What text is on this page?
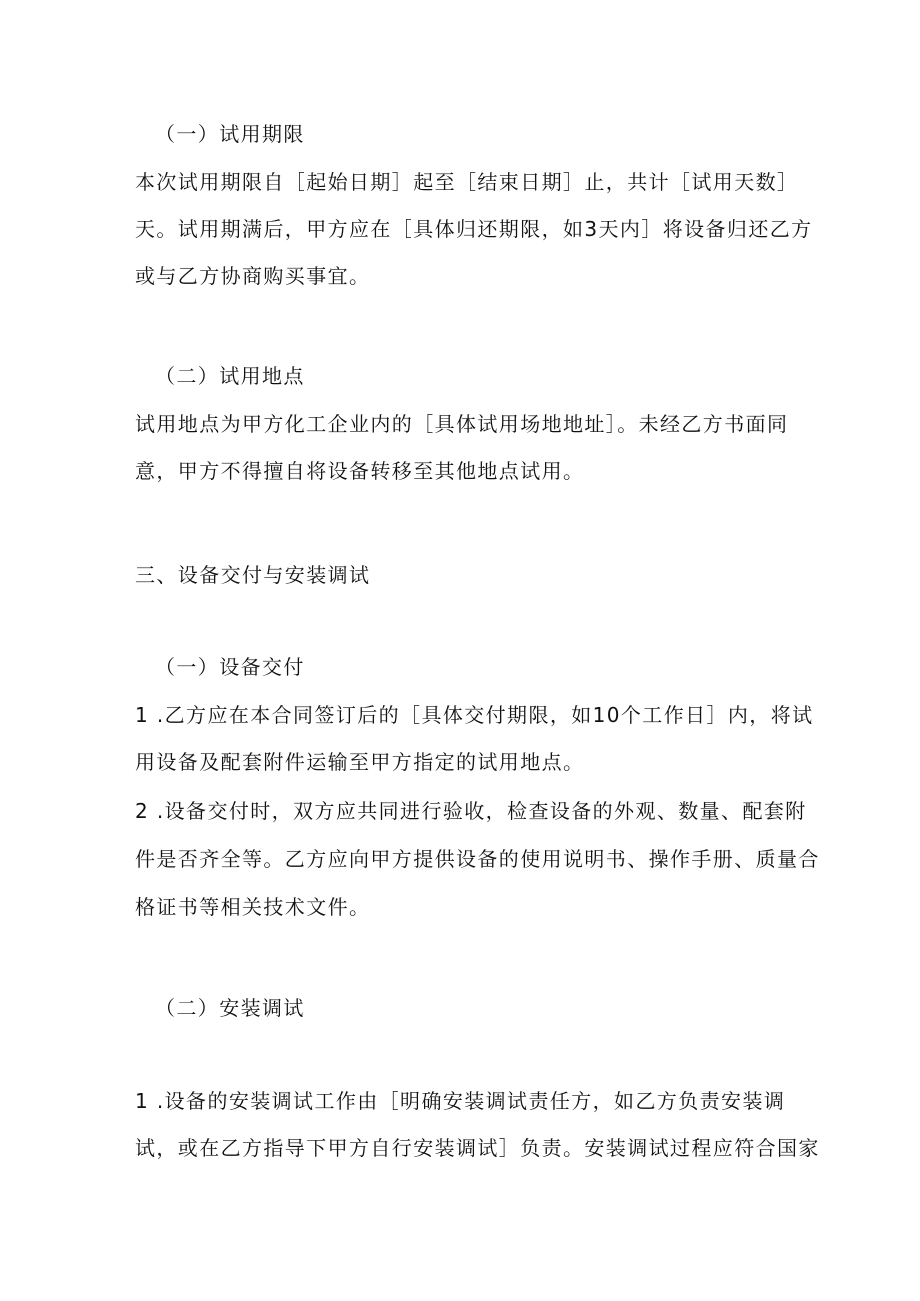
（一）试用期限
本次试用期限自［起始日期］起至［结束日期］止，共计［试用天数］
天。试用期满后，甲方应在［具体归还期限，如3天内］将设备归还乙方
或与乙方协商购买事宜。
（二）试用地点
试用地点为甲方化工企业内的［具体试用场地地址］。未经乙方书面同
意，甲方不得擅自将设备转移至其他地点试用。
三、设备交付与安装调试
（一）设备交付
1 .乙方应在本合同签订后的［具体交付期限，如10个工作日］内，将试
用设备及配套附件运输至甲方指定的试用地点。
2 .设备交付时，双方应共同进行验收，检查设备的外观、数量、配套附
件是否齐全等。乙方应向甲方提供设备的使用说明书、操作手册、质量合
格证书等相关技术文件。
（二）安装调试
1 .设备的安装调试工作由［明确安装调试责任方，如乙方负责安装调
试，或在乙方指导下甲方自行安装调试］负责。安装调试过程应符合国家
